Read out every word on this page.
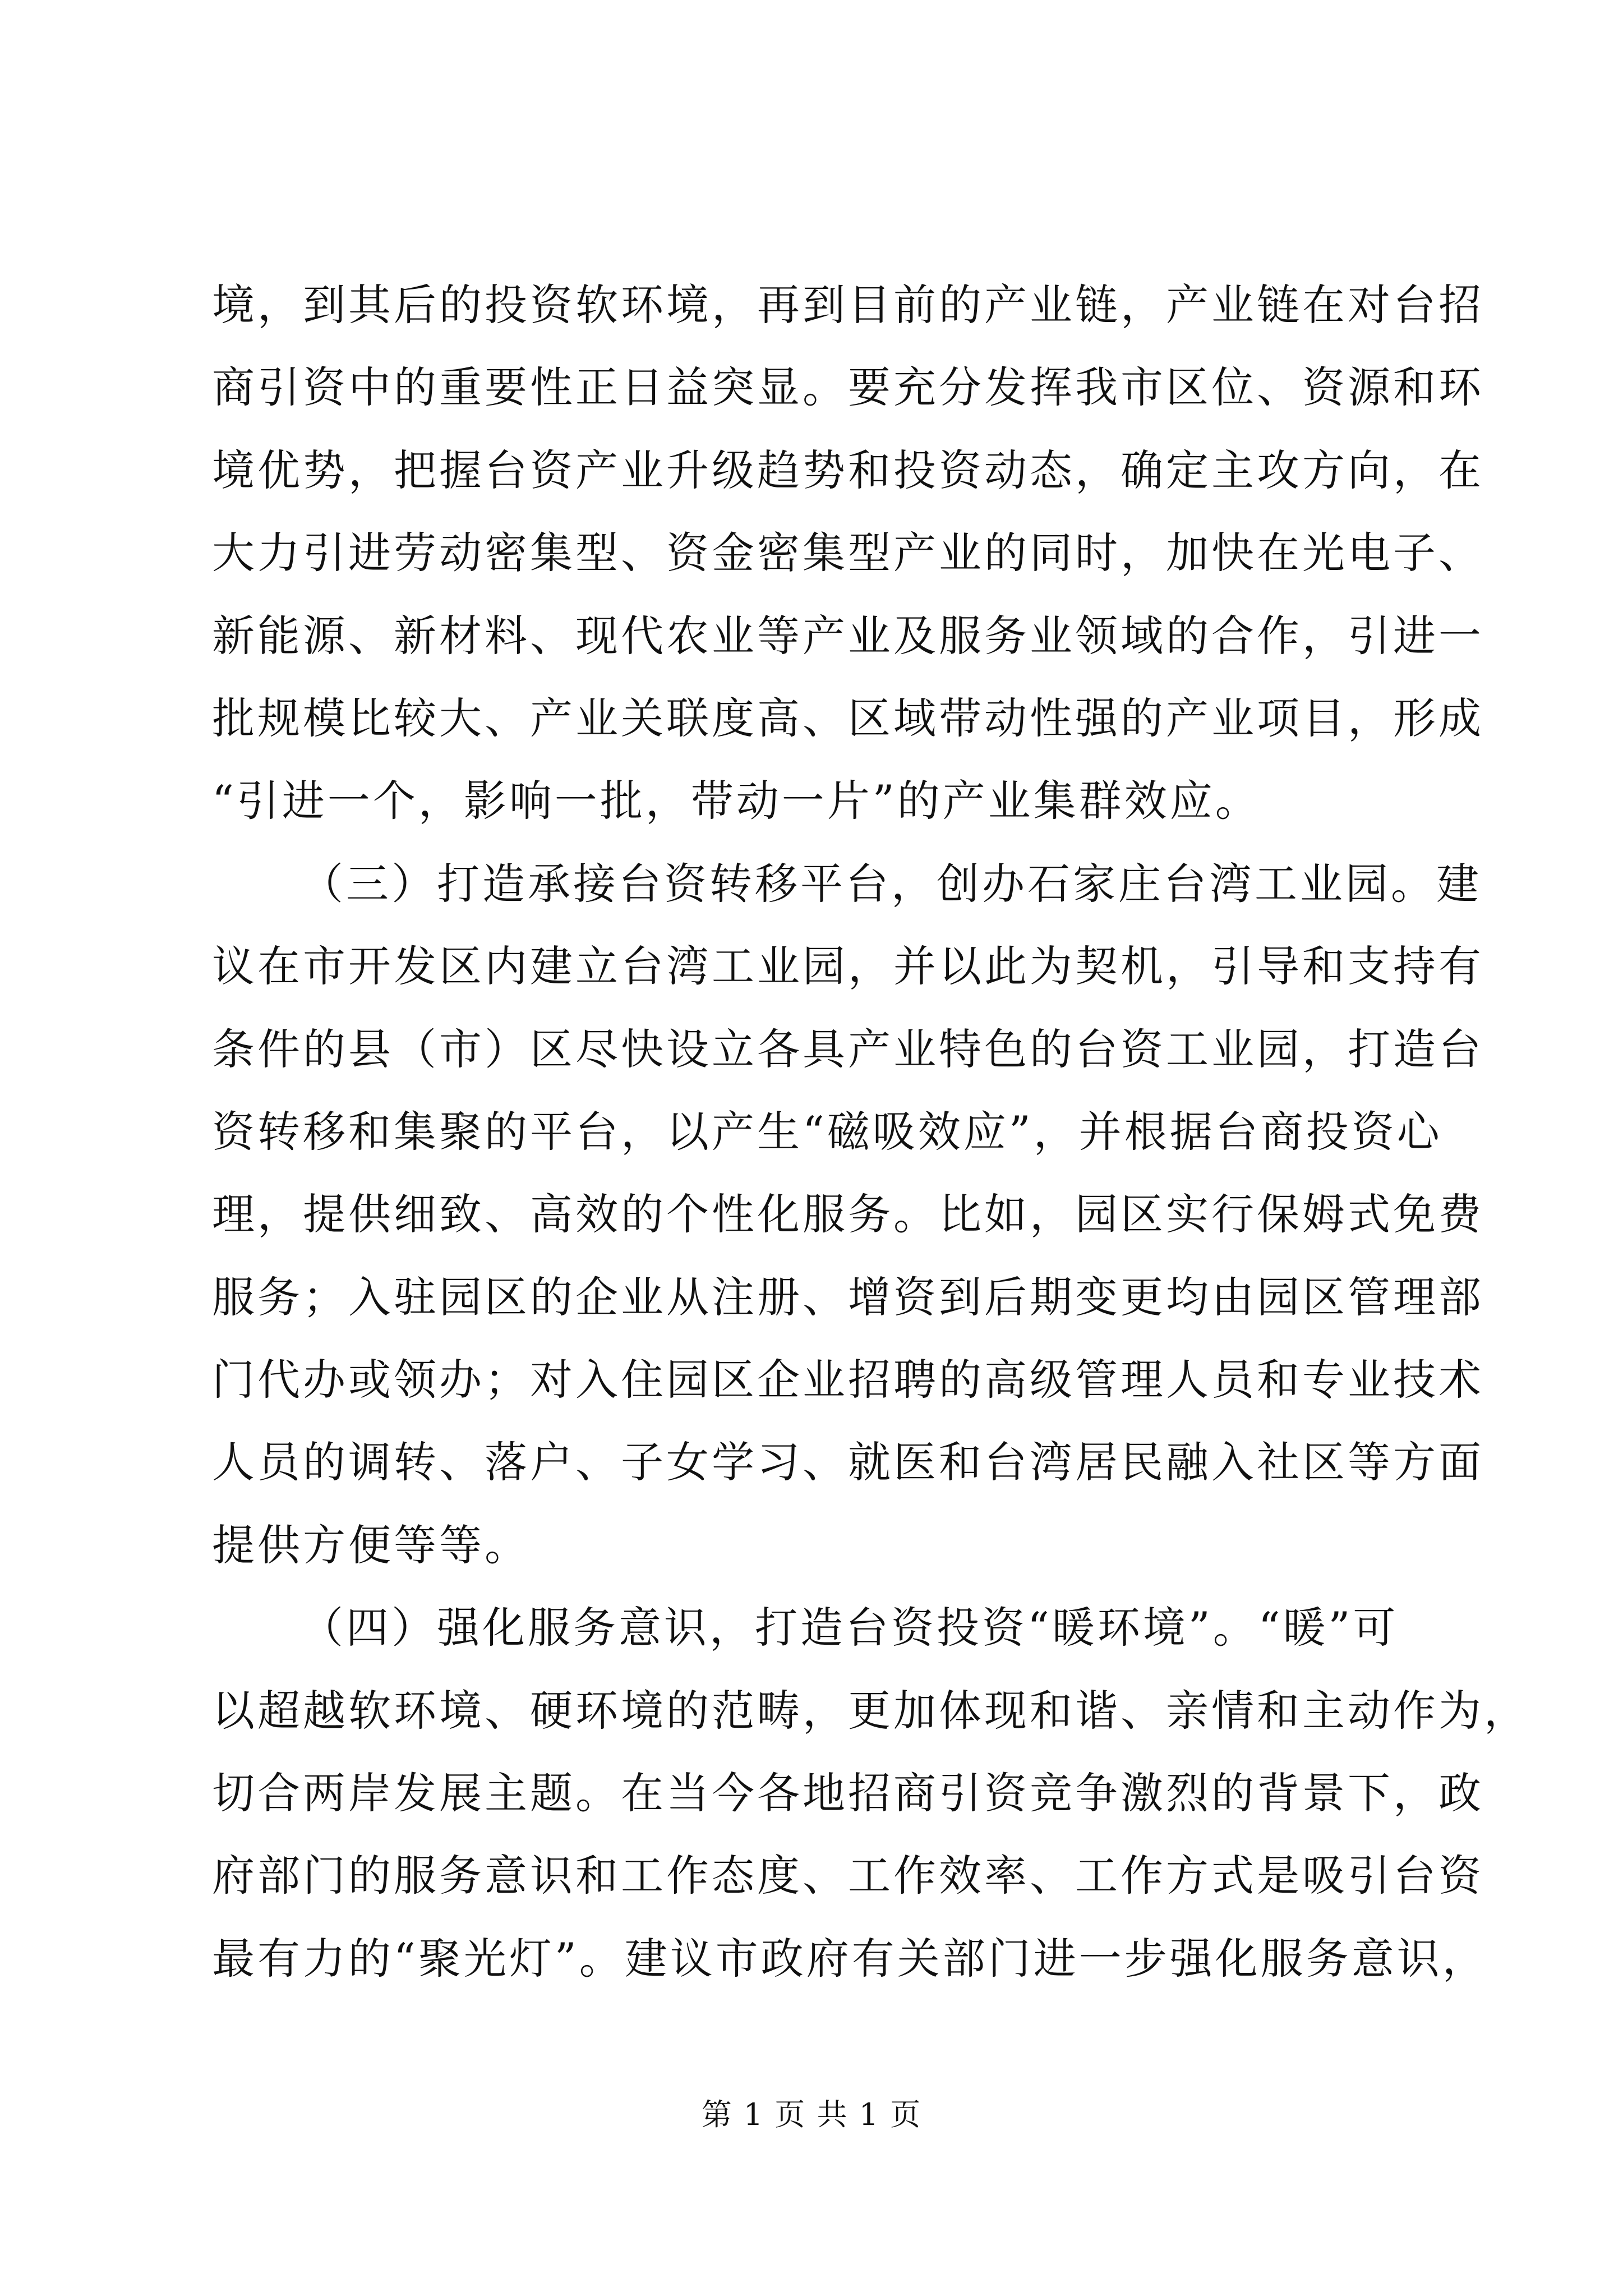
境，到其后的投资软环境，再到目前的产业链，产业链在对台招
商引资中的重要性正日益突显。要充分发挥我市区位、资源和环
境优势，把握台资产业升级趋势和投资动态，确定主攻方向，在
大力引进劳动密集型、资金密集型产业的同时，加快在光电子、
新能源、新材料、现代农业等产业及服务业领域的合作，引进一
批规模比较大、产业关联度高、区域带动性强的产业项目，形成
“引进一个，影响一批，带动一片”的产业集群效应。
（三）打造承接台资转移平台，创办石家庄台湾工业园。建
议在市开发区内建立台湾工业园，并以此为契机，引导和支持有
条件的县（市）区尽快设立各具产业特色的台资工业园，打造台
资转移和集聚的平台，以产生“磁吸效应”，并根据台商投资心
理，提供细致、高效的个性化服务。比如，园区实行保姆式免费
服务；入驻园区的企业从注册、增资到后期变更均由园区管理部
门代办或领办；对入住园区企业招聘的高级管理人员和专业技术
人员的调转、落户、子女学习、就医和台湾居民融入社区等方面
提供方便等等。
（四）强化服务意识，打造台资投资“暖环境”。“暖”可
以超越软环境、硬环境的范畴，更加体现和谐、亲情和主动作为，
切合两岸发展主题。在当今各地招商引资竞争激烈的背景下，政
府部门的服务意识和工作态度、工作效率、工作方式是吸引台资
最有力的“聚光灯”。建议市政府有关部门进一步强化服务意识，
第 1 页 共 1 页
